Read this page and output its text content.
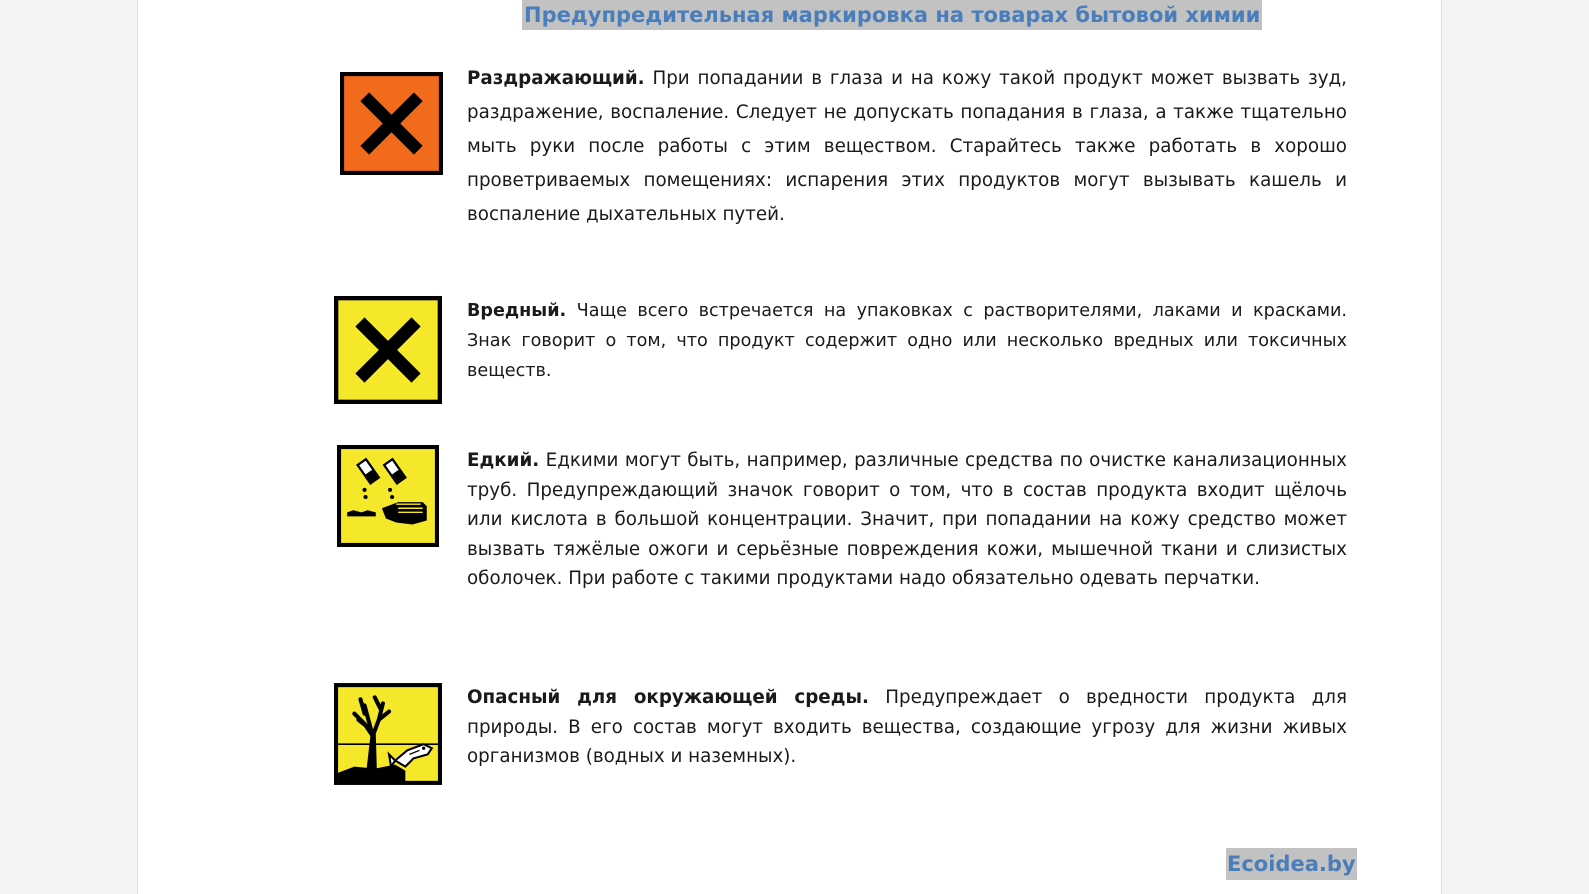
Предупредительная маркировка на товарах бытовой химии

Раздражающий. При попадании в глаза и на кожу такой продукт может вызвать зуд, раздражение, воспаление. Следует не допускать попадания в глаза, а также тщательно мыть руки после работы с этим веществом. Старайтесь также работать в хорошо проветриваемых помещениях: испарения этих продуктов могут вызывать кашель и воспаление дыхательных путей.

Вредный. Чаще всего встречается на упаковках с растворителями, лаками и красками. Знак говорит о том, что продукт содержит одно или несколько вредных или токсичных веществ.

Едкий. Едкими могут быть, например, различные средства по очистке канализационных труб. Предупреждающий значок говорит о том, что в состав продукта входит щёлочь или кислота в большой концентрации. Значит, при попадании на кожу средство может вызвать тяжёлые ожоги и серьёзные повреждения кожи, мышечной ткани и слизистых оболочек. При работе с такими продуктами надо обязательно одевать перчатки.

Опасный для окружающей среды. Предупреждает о вредности продукта для природы. В его состав могут входить вещества, создающие угрозу для жизни живых организмов (водных и наземных).

Ecoidea.by
